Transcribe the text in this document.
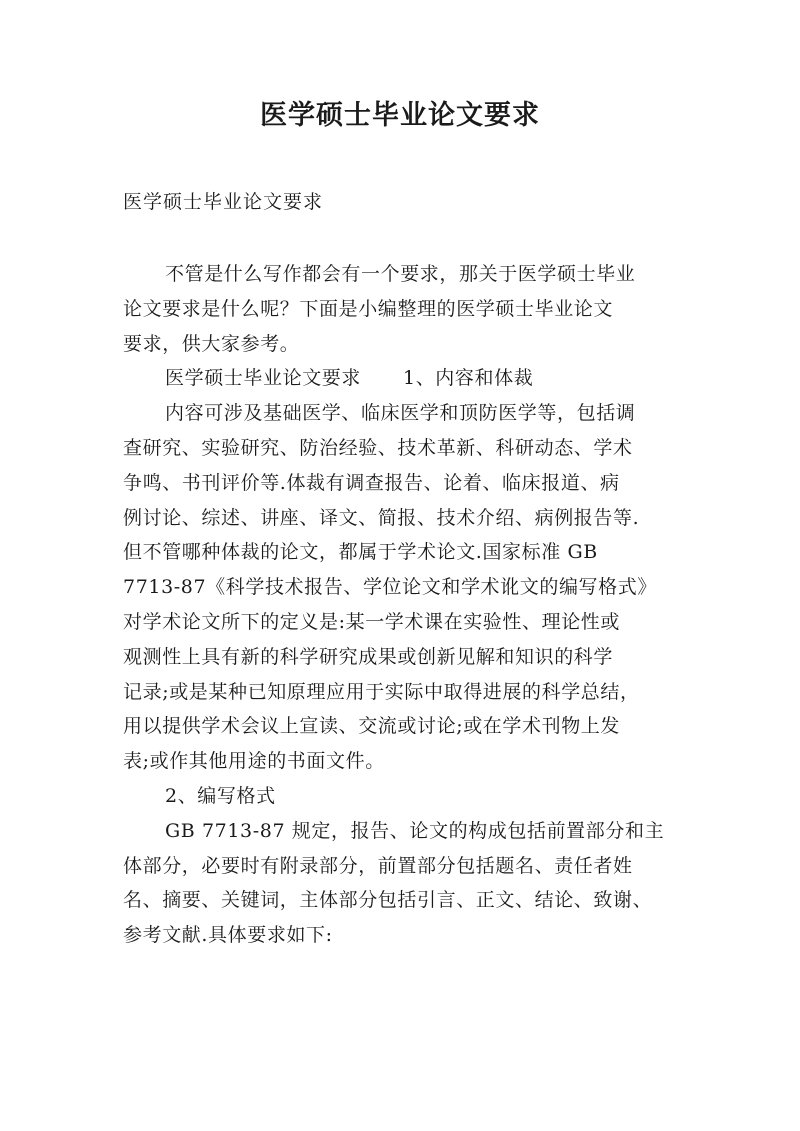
医学硕士毕业论文要求
医学硕士毕业论文要求
不管是什么写作都会有一个要求，那关于医学硕士毕业
论文要求是什么呢？下面是小编整理的医学硕士毕业论文
要求，供大家参考。
医学硕士毕业论文要求 1、内容和体裁
内容可涉及基础医学、临床医学和顶防医学等，包括调
查研究、实验研究、防治经验、技术革新、科研动态、学术
争鸣、书刊评价等.体裁有调查报告、论着、临床报道、病
例讨论、综述、讲座、译文、简报、技术介绍、病例报告等.
但不管哪种体裁的论文，都属于学术论文.国家标准 GB
7713-87《科学技术报告、学位论文和学术讹文的编写格式》
对学术论文所下的定义是:某一学术课在实验性、理论性或
观测性上具有新的科学研究成果或创新见解和知识的科学
记录;或是某种已知原理应用于实际中取得进展的科学总结，
用以提供学术会议上宣读、交流或讨论;或在学术刊物上发
表;或作其他用途的书面文件。
2、编写格式
GB 7713-87 规定，报告、论文的构成包括前置部分和主
体部分，必要时有附录部分，前置部分包括题名、责任者姓
名、摘要、关键词，主体部分包括引言、正文、结论、致谢、
参考文献.具体要求如下:
